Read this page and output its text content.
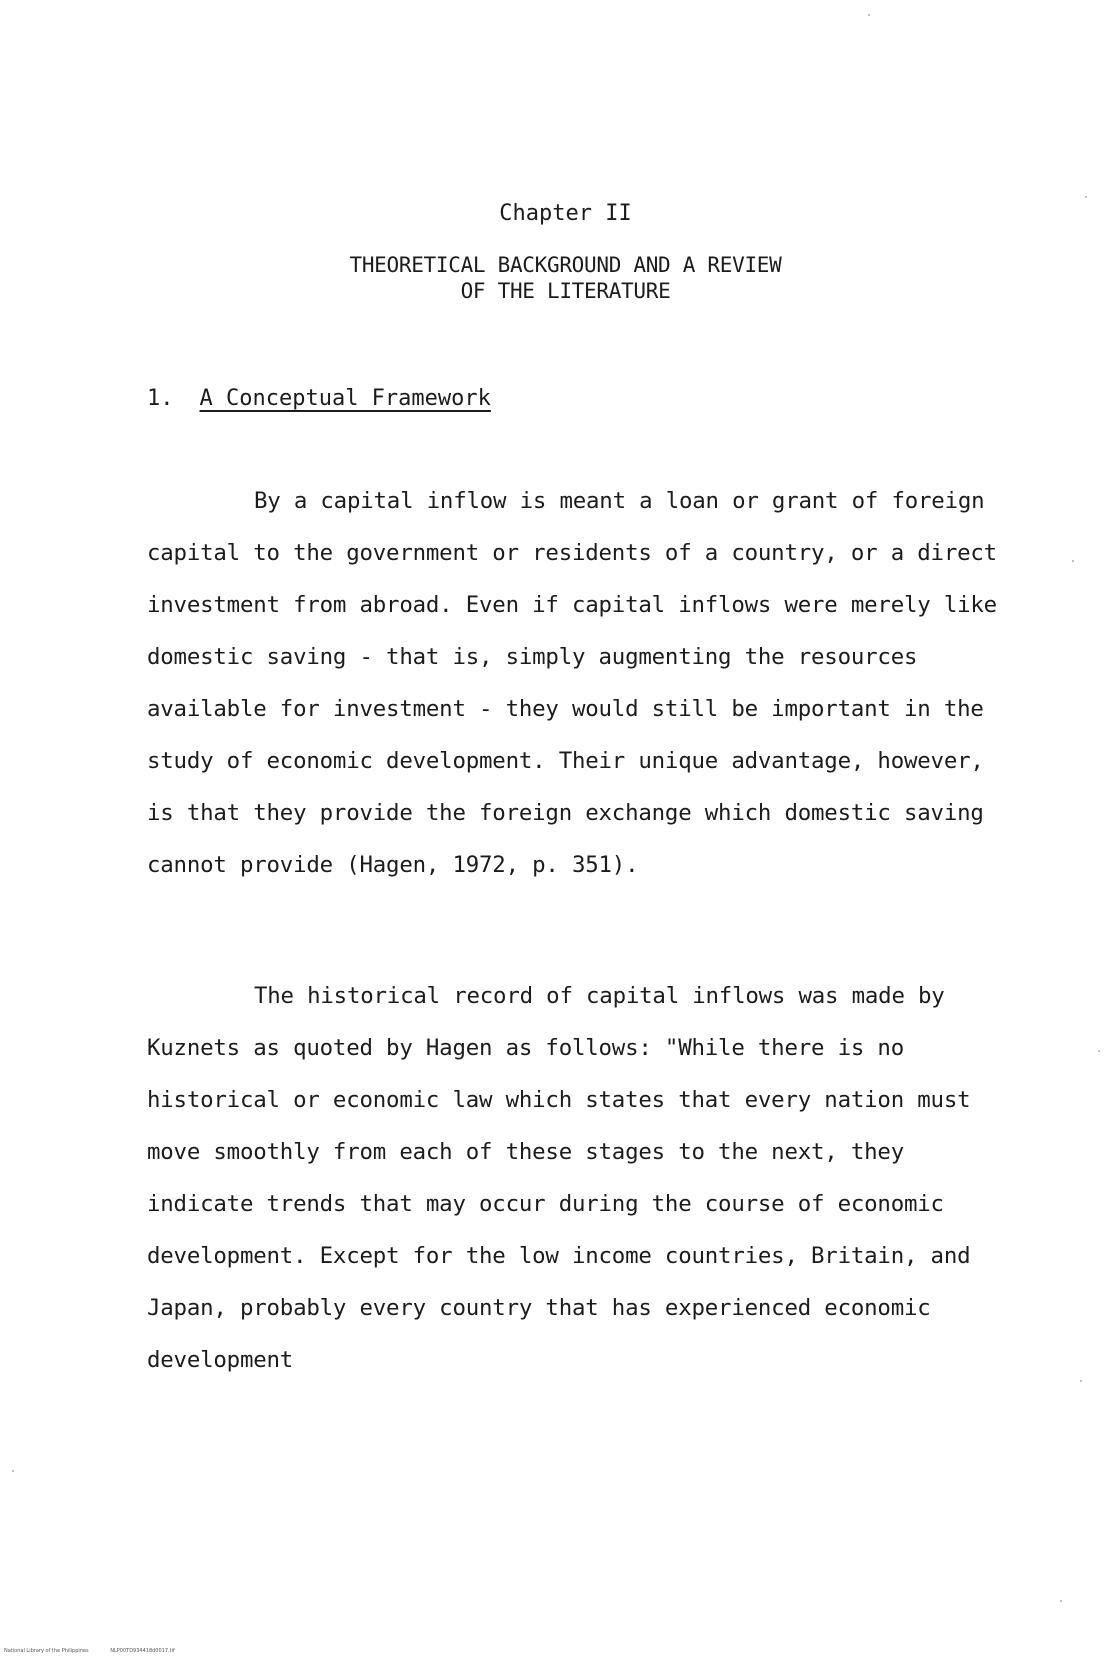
Chapter II
THEORETICAL BACKGROUND AND A REVIEW
OF THE LITERATURE
1. A Conceptual Framework

By a capital inflow is meant a loan or grant of foreign capital to the government or residents of a country, or a direct investment from abroad. Even if capital inflows were merely like domestic saving - that is, simply augmenting the resources available for investment - they would still be important in the study of economic development. Their unique advantage, however, is that they provide the foreign exchange which domestic saving cannot provide (Hagen, 1972, p. 351).

The historical record of capital inflows was made by Kuznets as quoted by Hagen as follows: "While there is no historical or economic law which states that every nation must move smoothly from each of these stages to the next, they indicate trends that may occur during the course of economic development. Except for the low income countries, Britain, and Japan, probably every country that has experienced economic development

National Library of the Philippines	NLP00TD934418d0017.tif
